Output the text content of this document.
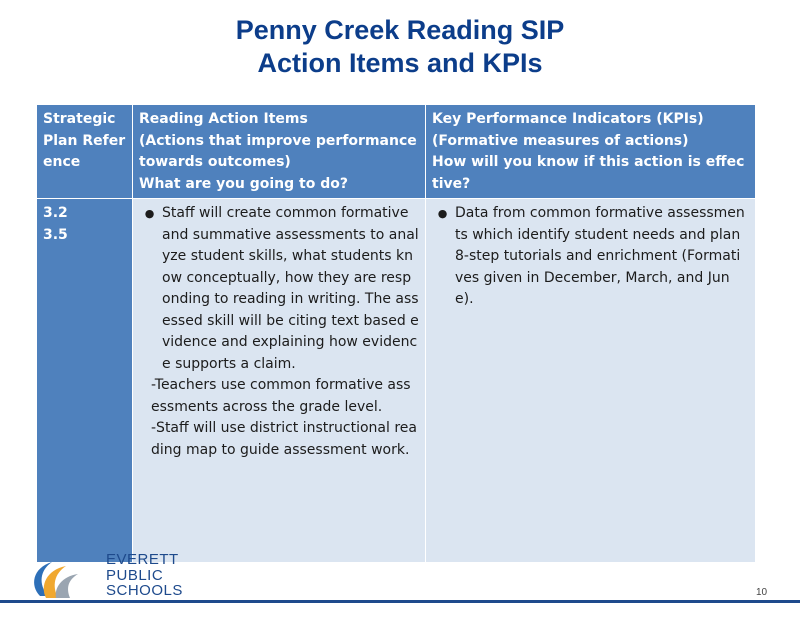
Penny Creek Reading SIP
Action Items and KPIs
Strategic Plan Reference
Reading Action Items
(Actions that improve performance towards outcomes)
What are you going to do?
Key Performance Indicators (KPIs)
(Formative measures of actions)
How will you know if this action is effective?
3.2
3.5
● Staff will create common formative and summative assessments to analyze student skills, what students know conceptually, how they are responding to reading in writing. The assessed skill will be citing text based evidence and explaining how evidence supports a claim.
-Teachers use common formative assessments across the grade level.
-Staff will use district instructional reading map to guide assessment work.
● Data from common formative assessments which identify student needs and plan 8-step tutorials and enrichment (Formatives given in December, March, and June).
EVERETT
PUBLIC
SCHOOLS	10
